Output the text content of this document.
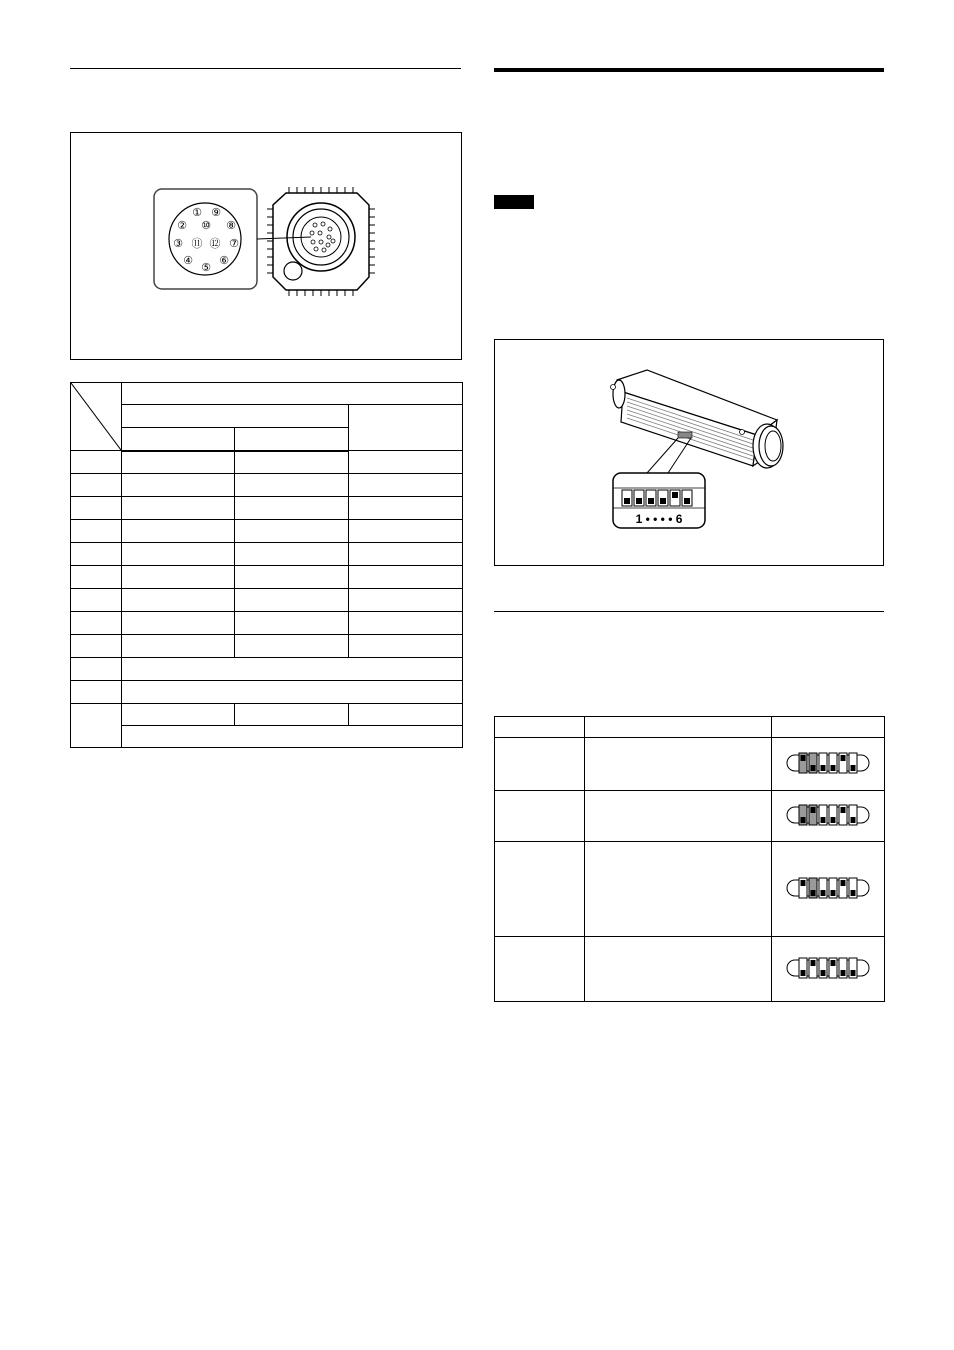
①
②
③
④
⑤
⑥
⑦
⑧
⑨
⑩
⑪ ⑫

1 • • • • 6
